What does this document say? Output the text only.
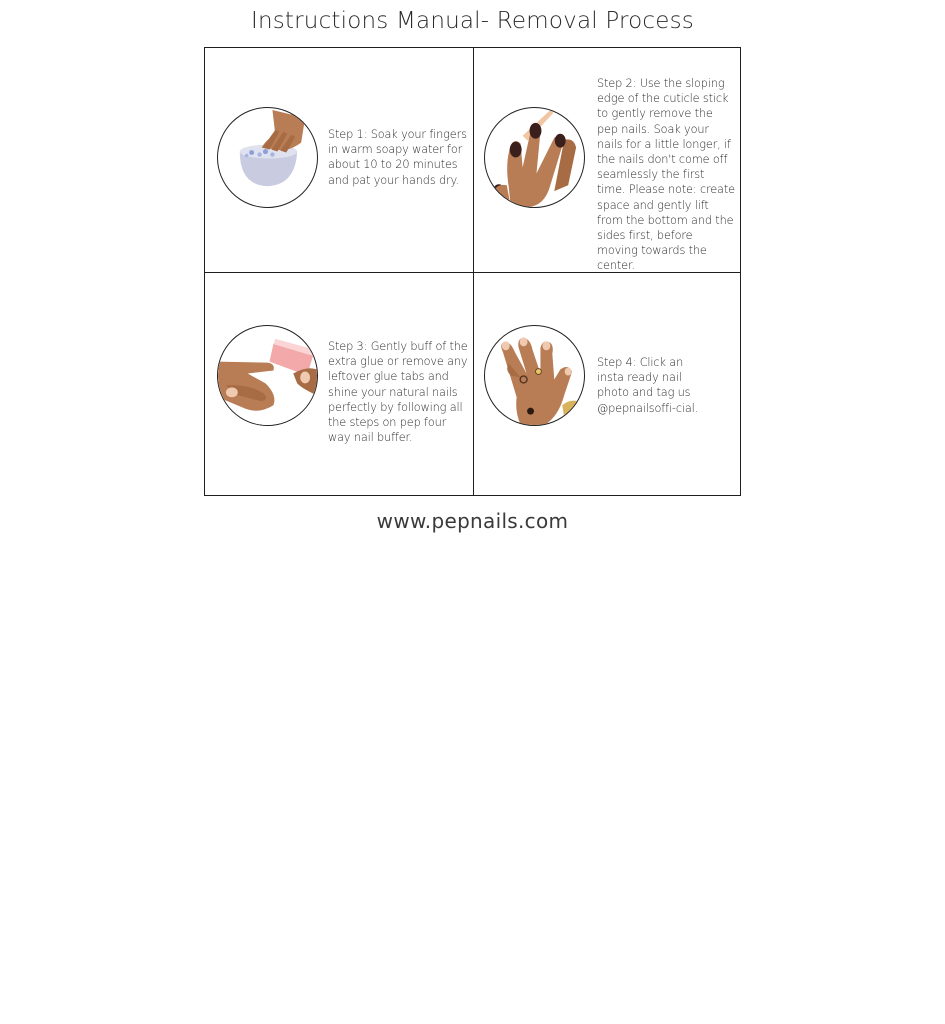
Instructions Manual- Removal Process
Step 1: Soak your fingers in warm soapy water for about 10 to 20 minutes and pat your hands dry.
Step 2: Use the sloping edge of the cuticle stick to gently remove the pep nails. Soak your nails for a little longer, if the nails don't come off seamlessly the first time. Please note: create space and gently lift from the bottom and the sides first, before moving towards the center.
Step 3: Gently buff of the extra glue or remove any leftover glue tabs and shine your natural nails perfectly by following all the steps on pep four way nail buffer.
Step 4: Click an insta ready nail photo and tag us @pepnailsoffi-cial.
www.pepnails.com
